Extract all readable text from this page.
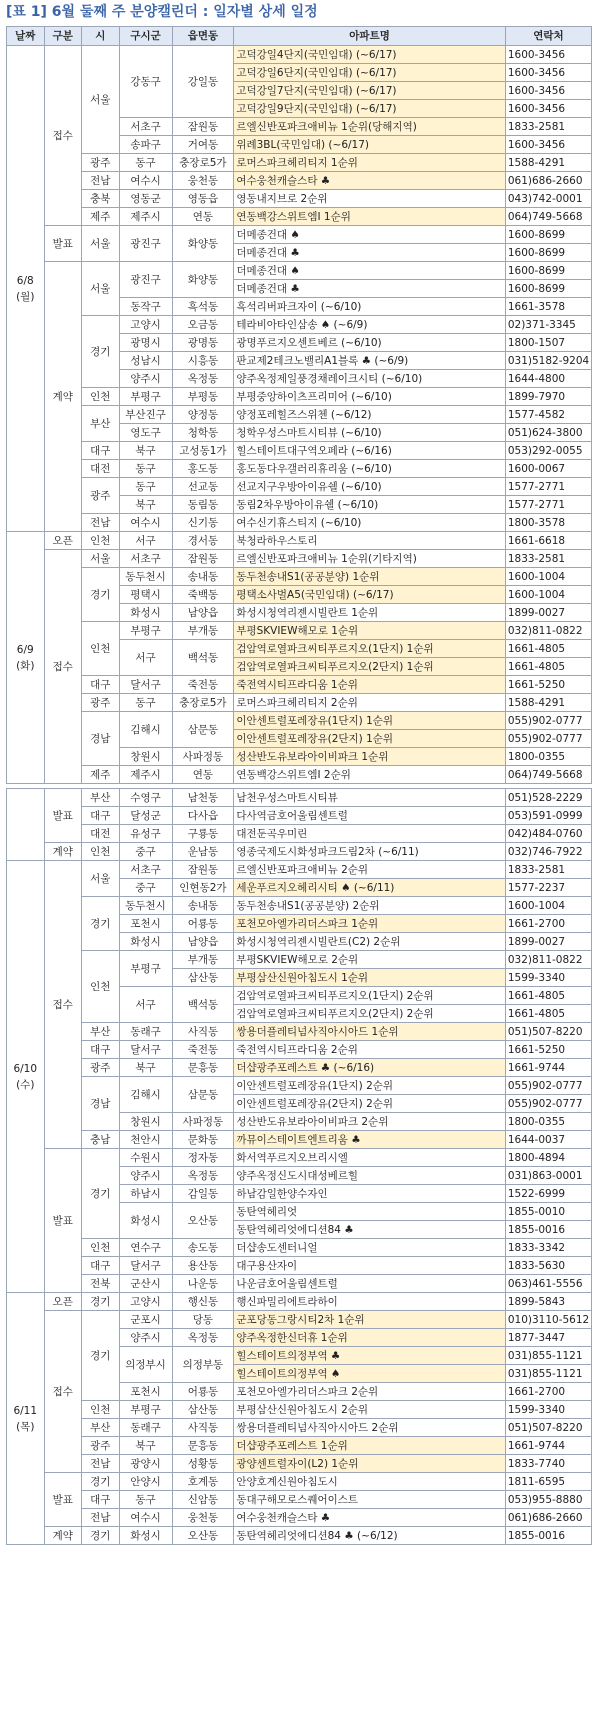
[표 1] 6월 둘째 주 분양캘린더 : 일자별 상세 일정
날짜	구분	시	구시군	읍면동	아파트명	연락처
6/8
(월)	접수	서울	강동구	강일동	고덕강일4단지(국민임대) (~6/17)	1600-3456
					고덕강일6단지(국민임대) (~6/17)	1600-3456
					고덕강일7단지(국민임대) (~6/17)	1600-3456
					고덕강일9단지(국민임대) (~6/17)	1600-3456
			서초구	잠원동	르엘신반포파크애비뉴 1순위(당해지역)	1833-2581
			송파구	거여동	위례3BL(국민임대) (~6/17)	1600-3456
		광주	동구	충장로5가	로머스파크헤리티지 1순위	1588-4291
		전남	여수시	웅천동	여수웅천캐슬스타 ♣	061)686-2660
		충북	영동군	영동읍	영동내지브로 2순위	043)742-0001
		제주	제주시	연동	연동백강스위트엠Ⅰ 1순위	064)749-5668
	발표	서울	광진구	화양동	더메종건대 ♠	1600-8699
					더메종건대 ♣	1600-8699
	계약	서울	광진구	화양동	더메종건대 ♠	1600-8699
					더메종건대 ♣	1600-8699
			동작구	흑석동	흑석리버파크자이 (~6/10)	1661-3578
		경기	고양시	오금동	테라비아타인삼송 ♠ (~6/9)	02)371-3345
			광명시	광명동	광명푸르지오센트베르 (~6/10)	1800-1507
			성남시	시흥동	판교제2테크노밸리A1블록 ♣ (~6/9)	031)5182-9204
			양주시	옥정동	양주옥정제일풍경채레이크시티 (~6/10)	1644-4800
		인천	부평구	부평동	부평중앙하이츠프리미어 (~6/10)	1899-7970
		부산	부산진구	양정동	양정포레힐즈스위첸 (~6/12)	1577-4582
			영도구	청학동	청학우성스마트시티뷰 (~6/10)	051)624-3800
		대구	북구	고성동1가	힐스테이트대구역오페라 (~6/16)	053)292-0055
		대전	동구	홍도동	홍도동다우갤러리휴리움 (~6/10)	1600-0067
		광주	동구	선교동	선교지구우방아이유쉘 (~6/10)	1577-2771
			북구	동림동	동림2차우방아이유쉘 (~6/10)	1577-2771
		전남	여수시	신기동	여수신기휴스티지 (~6/10)	1800-3578
6/9
(화)	오픈	인천	서구	경서동	북청라하우스토리	1661-6618
	접수	서울	서초구	잠원동	르엘신반포파크애비뉴 1순위(기타지역)	1833-2581
		경기	동두천시	송내동	동두천송내S1(공공분양) 1순위	1600-1004
			평택시	죽백동	평택소사벌A5(국민임대) (~6/17)	1600-1004
			화성시	남양읍	화성시청역리젠시빌란트 1순위	1899-0027
		인천	부평구	부개동	부평SKVIEW해모로 1순위	032)811-0822
			서구	백석동	검암역로열파크씨티푸르지오(1단지) 1순위	1661-4805
					검암역로열파크씨티푸르지오(2단지) 1순위	1661-4805
		대구	달서구	죽전동	죽전역시티프라디움 1순위	1661-5250
		광주	동구	충장로5가	로머스파크헤리티지 2순위	1588-4291
		경남	김해시	삼문동	이안센트럴포레장유(1단지) 1순위	055)902-0777
					이안센트럴포레장유(2단지) 1순위	055)902-0777
			창원시	사파정동	성산반도유보라아이비파크 1순위	1800-0355
		제주	제주시	연동	연동백강스위트엠Ⅰ 2순위	064)749-5668
	발표	부산	수영구	남천동	남천우성스마트시티뷰	051)528-2229
		대구	달성군	다사읍	다사역금호어울림센트럴	053)591-0999
		대전	유성구	구룡동	대전둔곡우미린	042)484-0760
	계약	인천	중구	운남동	영종국제도시화성파크드림2차 (~6/11)	032)746-7922
6/10
(수)	접수	서울	서초구	잠원동	르엘신반포파크애비뉴 2순위	1833-2581
			중구	인현동2가	세운푸르지오헤리시티 ♠ (~6/11)	1577-2237
		경기	동두천시	송내동	동두천송내S1(공공분양) 2순위	1600-1004
			포천시	어룡동	포천모아엘가리더스파크 1순위	1661-2700
			화성시	남양읍	화성시청역리젠시빌란트(C2) 2순위	1899-0027
		인천	부평구	부개동	부평SKVIEW해모로 2순위	032)811-0822
				삼산동	부평삼산신원아침도시 1순위	1599-3340
			서구	백석동	검암역로열파크씨티푸르지오(1단지) 2순위	1661-4805
					검암역로열파크씨티푸르지오(2단지) 2순위	1661-4805
		부산	동래구	사직동	쌍용더플레티넘사직아시아드 1순위	051)507-8220
		대구	달서구	죽전동	죽전역시티프라디움 2순위	1661-5250
		광주	북구	문흥동	더샵광주포레스트 ♣ (~6/16)	1661-9744
		경남	김해시	삼문동	이안센트럴포레장유(1단지) 2순위	055)902-0777
					이안센트럴포레장유(2단지) 2순위	055)902-0777
			창원시	사파정동	성산반도유보라아이비파크 2순위	1800-0355
		충남	천안시	문화동	까뮤이스테이트엔트리움 ♣	1644-0037
	발표	경기	수원시	정자동	화서역푸르지오브리시엘	1800-4894
			양주시	옥정동	양주옥정신도시대성베르힐	031)863-0001
			하남시	감일동	하남감일한양수자인	1522-6999
			화성시	오산동	동탄역헤리엇	1855-0010
					동탄역헤리엇에디션84 ♣	1855-0016
		인천	연수구	송도동	더샵송도센터니얼	1833-3342
		대구	달서구	용산동	대구용산자이	1833-5630
		전북	군산시	나운동	나운금호어울림센트럴	063)461-5556
6/11
(목)	오픈	경기	고양시	행신동	행신파밀리에트라하이	1899-5843
	접수	경기	군포시	당동	군포당동그랑시티2차 1순위	010)3110-5612
			양주시	옥정동	양주옥정한신더휴 1순위	1877-3447
			의정부시	의정부동	힐스테이트의정부역 ♣	031)855-1121
					힐스테이트의정부역 ♠	031)855-1121
			포천시	어룡동	포천모아엘가리더스파크 2순위	1661-2700
		인천	부평구	삼산동	부평삼산신원아침도시 2순위	1599-3340
		부산	동래구	사직동	쌍용더플레티넘사직아시아드 2순위	051)507-8220
		광주	북구	문흥동	더샵광주포레스트 1순위	1661-9744
		전남	광양시	성황동	광양센트럴자이(L2) 1순위	1833-7740
	발표	경기	안양시	호계동	안양호계신원아침도시	1811-6595
		대구	동구	신암동	동대구해모로스퀘어이스트	053)955-8880
		전남	여수시	웅천동	여수웅천캐슬스타 ♣	061)686-2660
	계약	경기	화성시	오산동	동탄역헤리엇에디션84 ♣ (~6/12)	1855-0016
